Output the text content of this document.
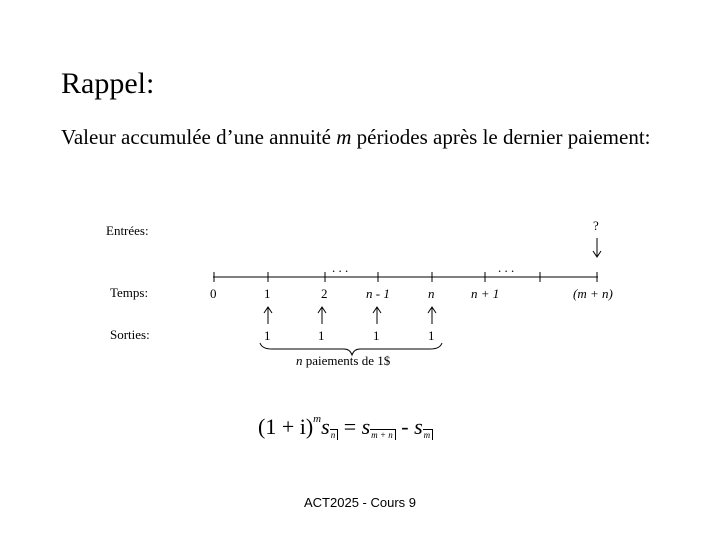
Rappel:
Valeur accumulée d’une annuité m périodes après le dernier paiement:
Entrées:
Temps:
Sorties:
?
. . .	. . .
0	1	2	n - 1	n	n + 1	(m + n)
1	1	1	1
n paiements de 1$
$(1 + i)^ms_n = s_{m + n} - s_m$
ACT2025 - Cours 9
